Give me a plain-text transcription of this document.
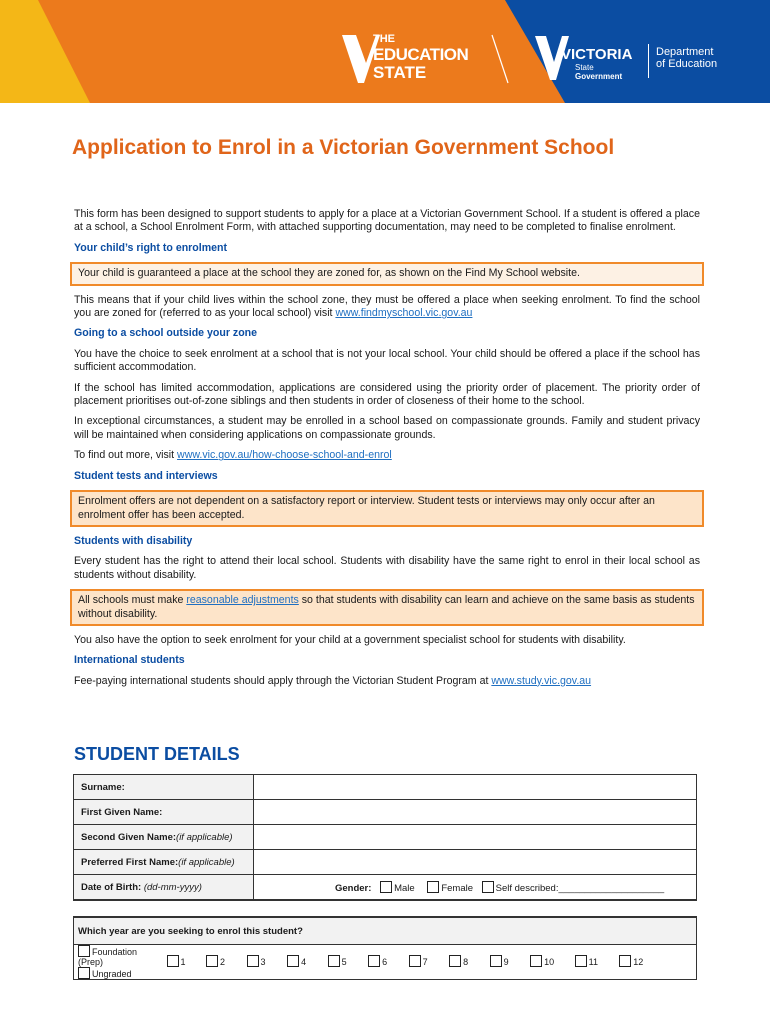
THE
EDUCATION
STATE
VICTORIA
State
Government
Department
of Education
Application to Enrol in a Victorian Government School

This form has been designed to support students to apply for a place at a Victorian Government School. If a student is offered a place at a school, a School Enrolment Form, with attached supporting documentation, may need to be completed to finalise enrolment.

Your child’s right to enrolment
Your child is guaranteed a place at the school they are zoned for, as shown on the Find My School website.

This means that if your child lives within the school zone, they must be offered a place when seeking enrolment. To find the school you are zoned for (referred to as your local school) visit www.findmyschool.vic.gov.au

Going to a school outside your zone

You have the choice to seek enrolment at a school that is not your local school. Your child should be offered a place if the school has sufficient accommodation.

If the school has limited accommodation, applications are considered using the priority order of placement. The priority order of placement prioritises out-of-zone siblings and then students in order of closeness of their home to the school.

In exceptional circumstances, a student may be enrolled in a school based on compassionate grounds. Family and student privacy will be maintained when considering applications on compassionate grounds.

To find out more, visit www.vic.gov.au/how-choose-school-and-enrol

Student tests and interviews
Enrolment offers are not dependent on a satisfactory report or interview. Student tests or interviews may only occur after an enrolment offer has been accepted.
Students with disability

Every student has the right to attend their local school. Students with disability have the same right to enrol in their local school as students without disability.

All schools must make reasonable adjustments so that students with disability can learn and achieve on the same basis as students without disability.

You also have the option to seek enrolment for your child at a government specialist school for students with disability.

International students

Fee-paying international students should apply through the Victorian Student Program at www.study.vic.gov.au

STUDENT DETAILS
Surname:		
First Given Name:		
Second Given Name:(if applicable)		
Preferred First Name:(if applicable)		
Date of Birth: (dd-mm-yyyy)		Gender: Male Female Self described:____________________
Which year are you seeking to enrol this student?
Foundation (Prep)	1	2	3	4	5	6	7	8	9	10	11	12 Ungraded
